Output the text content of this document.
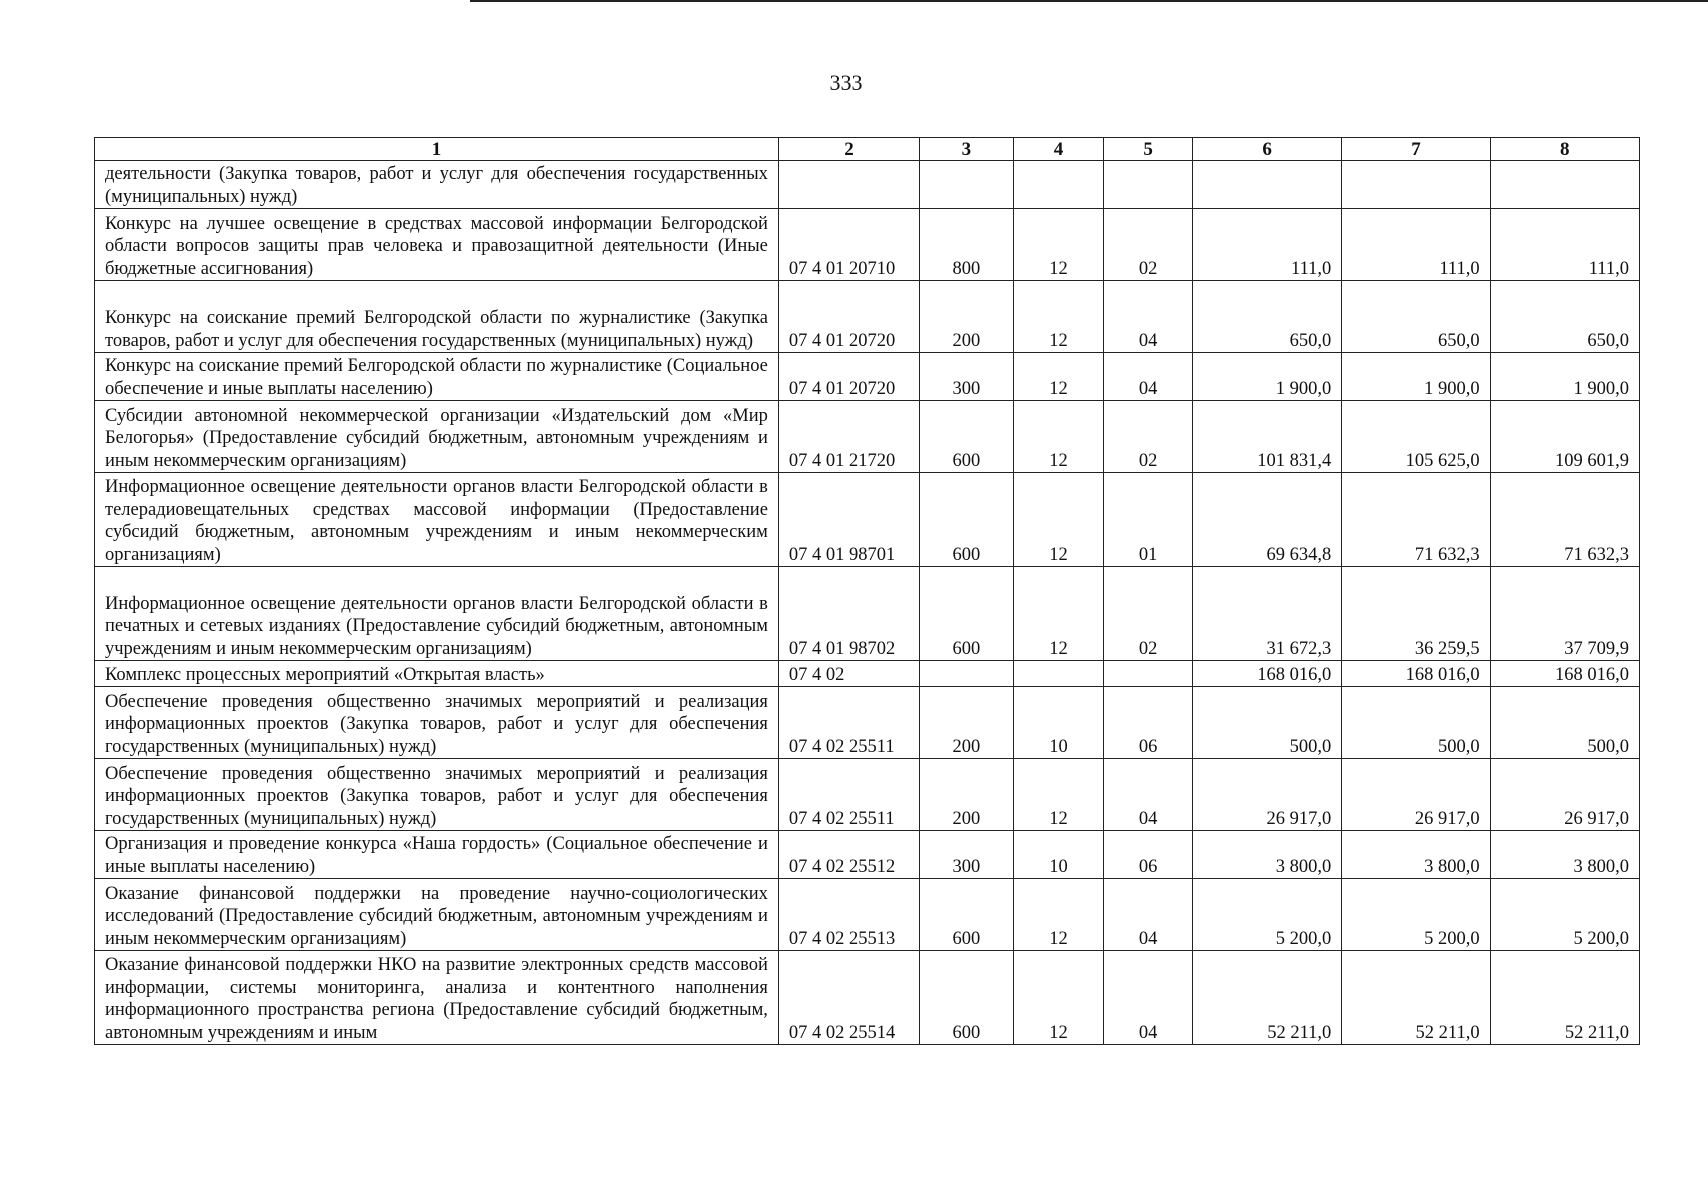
333
1	2	3	4	5	6	7	8
деятельности (Закупка товаров, работ и услуг для обеспечения государственных (муниципальных) нужд)							
Конкурс на лучшее освещение в средствах массовой информации Белгородской области вопросов защиты прав человека и правозащитной деятельности (Иные бюджетные ассигнования)	07 4 01 20710	800	12	02	111,0	111,0	111,0
Конкурс на соискание премий Белгородской области по журналистике (Закупка товаров, работ и услуг для обеспечения государственных (муниципальных) нужд)	07 4 01 20720	200	12	04	650,0	650,0	650,0
Конкурс на соискание премий Белгородской области по журналистике (Социальное обеспечение и иные выплаты населению)	07 4 01 20720	300	12	04	1 900,0	1 900,0	1 900,0
Субсидии автономной некоммерческой организации «Издательский дом «Мир Белогорья» (Предоставление субсидий бюджетным, автономным учреждениям и иным некоммерческим организациям)	07 4 01 21720	600	12	02	101 831,4	105 625,0	109 601,9
Информационное освещение деятельности органов власти Белгородской области в телерадиовещательных средствах массовой информации (Предоставление субсидий бюджетным, автономным учреждениям и иным некоммерческим организациям)	07 4 01 98701	600	12	01	69 634,8	71 632,3	71 632,3
Информационное освещение деятельности органов власти Белгородской области в печатных и сетевых изданиях (Предоставление субсидий бюджетным, автономным учреждениям и иным некоммерческим организациям)	07 4 01 98702	600	12	02	31 672,3	36 259,5	37 709,9
Комплекс процессных мероприятий «Открытая власть»	07 4 02				168 016,0	168 016,0	168 016,0
Обеспечение проведения общественно значимых мероприятий и реализация информационных проектов (Закупка товаров, работ и услуг для обеспечения государственных (муниципальных) нужд)	07 4 02 25511	200	10	06	500,0	500,0	500,0
Обеспечение проведения общественно значимых мероприятий и реализация информационных проектов (Закупка товаров, работ и услуг для обеспечения государственных (муниципальных) нужд)	07 4 02 25511	200	12	04	26 917,0	26 917,0	26 917,0
Организация и проведение конкурса «Наша гордость» (Социальное обеспечение и иные выплаты населению)	07 4 02 25512	300	10	06	3 800,0	3 800,0	3 800,0
Оказание финансовой поддержки на проведение научно-социологических исследований (Предоставление субсидий бюджетным, автономным учреждениям и иным некоммерческим организациям)	07 4 02 25513	600	12	04	5 200,0	5 200,0	5 200,0
Оказание финансовой поддержки НКО на развитие электронных средств массовой информации, системы мониторинга, анализа и контентного наполнения информационного пространства региона (Предоставление субсидий бюджетным, автономным учреждениям и иным	07 4 02 25514	600	12	04	52 211,0	52 211,0	52 211,0
